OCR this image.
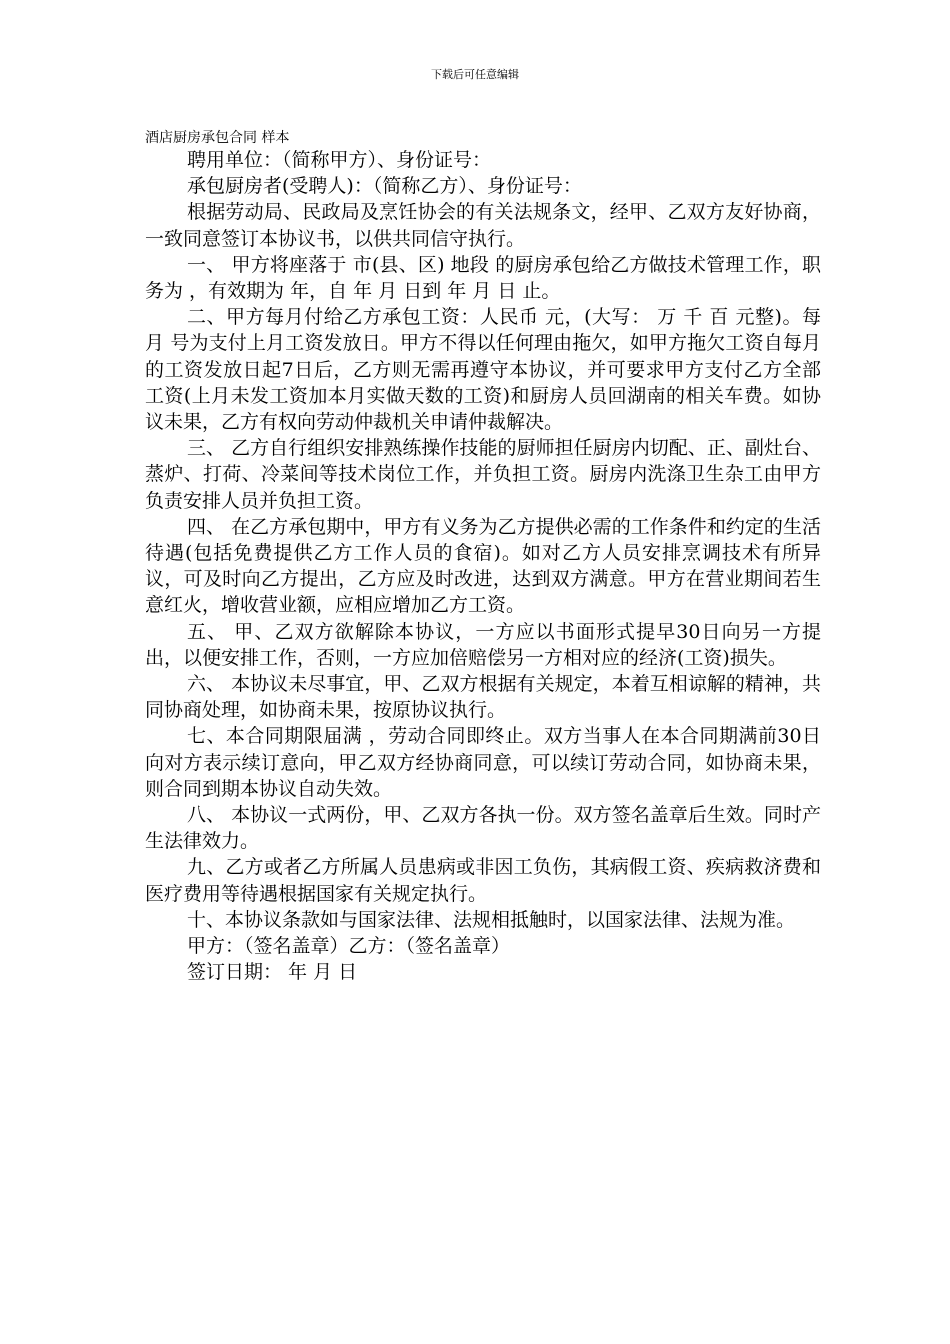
下载后可任意编辑
酒店厨房承包合同 样本

聘用单位：（简称甲方）、身份证号：

承包厨房者(受聘人)：（简称乙方）、身份证号：

根据劳动局、民政局及烹饪协会的有关法规条文，经甲、乙双方友好协商，一致同意签订本协议书，以供共同信守执行。

一、 甲方将座落于 市(县、区) 地段 的厨房承包给乙方做技术管理工作，职务为 ，有效期为 年，自 年 月 日到 年 月 日 止。

二、甲方每月付给乙方承包工资：人民币 元，(大写： 万 千 百 元整)。每月 号为支付上月工资发放日。甲方不得以任何理由拖欠，如甲方拖欠工资自每月的工资发放日起7日后，乙方则无需再遵守本协议，并可要求甲方支付乙方全部工资(上月未发工资加本月实做天数的工资)和厨房人员回湖南的相关车费。如协议未果，乙方有权向劳动仲裁机关申请仲裁解决。

三、 乙方自行组织安排熟练操作技能的厨师担任厨房内切配、正、副灶台、蒸炉、打荷、冷菜间等技术岗位工作，并负担工资。厨房内洗涤卫生杂工由甲方负责安排人员并负担工资。

四、 在乙方承包期中，甲方有义务为乙方提供必需的工作条件和约定的生活待遇(包括免费提供乙方工作人员的食宿)。如对乙方人员安排烹调技术有所异议，可及时向乙方提出，乙方应及时改进，达到双方满意。甲方在营业期间若生意红火，增收营业额，应相应增加乙方工资。

五、 甲、乙双方欲解除本协议，一方应以书面形式提早30日向另一方提出，以便安排工作，否则，一方应加倍赔偿另一方相对应的经济(工资)损失。

六、 本协议未尽事宜，甲、乙双方根据有关规定，本着互相谅解的精神，共同协商处理，如协商未果，按原协议执行。

七、本合同期限届满 ，劳动合同即终止。双方当事人在本合同期满前30日向对方表示续订意向，甲乙双方经协商同意，可以续订劳动合同，如协商未果，则合同到期本协议自动失效。

八、 本协议一式两份，甲、乙双方各执一份。双方签名盖章后生效。同时产生法律效力。

九、乙方或者乙方所属人员患病或非因工负伤，其病假工资、疾病救济费和医疗费用等待遇根据国家有关规定执行。

十、本协议条款如与国家法律、法规相抵触时，以国家法律、法规为准。

甲方：（签名盖章）乙方：（签名盖章）

签订日期： 年 月 日
